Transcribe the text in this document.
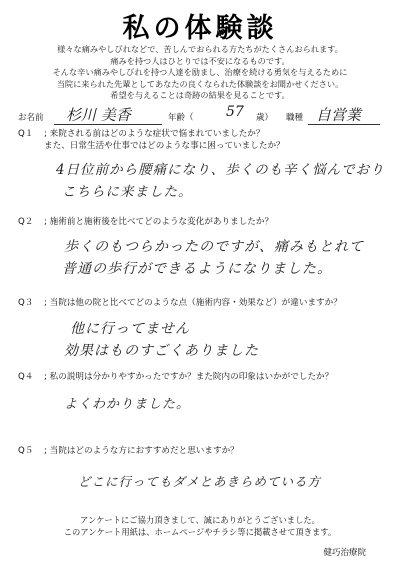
私の体験談
様々な痛みやしびれなどで、苦しんでおられる方たちがたくさんおられます。
痛みを持つ人はひとりでは不安になるものです。
そんな辛い痛みやしびれを持つ人達を励まし、治療を続ける勇気を与えるために
当院に来られた先輩としてあなたの良くなられた体験談をお聞かせください。
希望を与えることは奇跡の結果を見ることです。
お名前 杉川 美香	年齢（ 57 歳） 職種 自営業
Q１ ; 来院される前はどのような症状で悩まれていましたか？
また、日常生活や仕事ではどのような事に困っていましたか？
4日位前から腰痛になり、歩くのも辛く悩んでおり
こちらに来ました。
Q２ ; 施術前と施術後を比べてどのような変化がありましたか？
歩くのもつらかったのですが、痛みもとれて
普通の歩行ができるようになりました。
Q３ ; 当院は他の院と比べてどのような点（施術内容・効果など）が違いますか？
他に行ってません
効果はものすごくありました
Q４ ; 私の説明は分かりやすかったですか？また院内の印象はいかがでしたか？
よくわかりました。
Q５ ; 当院はどのような方におすすめだと思いますか？
どこに行ってもダメとあきらめている方
アンケートにご協力頂きまして、誠にありがとうございました。
このアンケート用紙は、ホームページやチラシ等に掲載させて頂きます。
健巧治療院
